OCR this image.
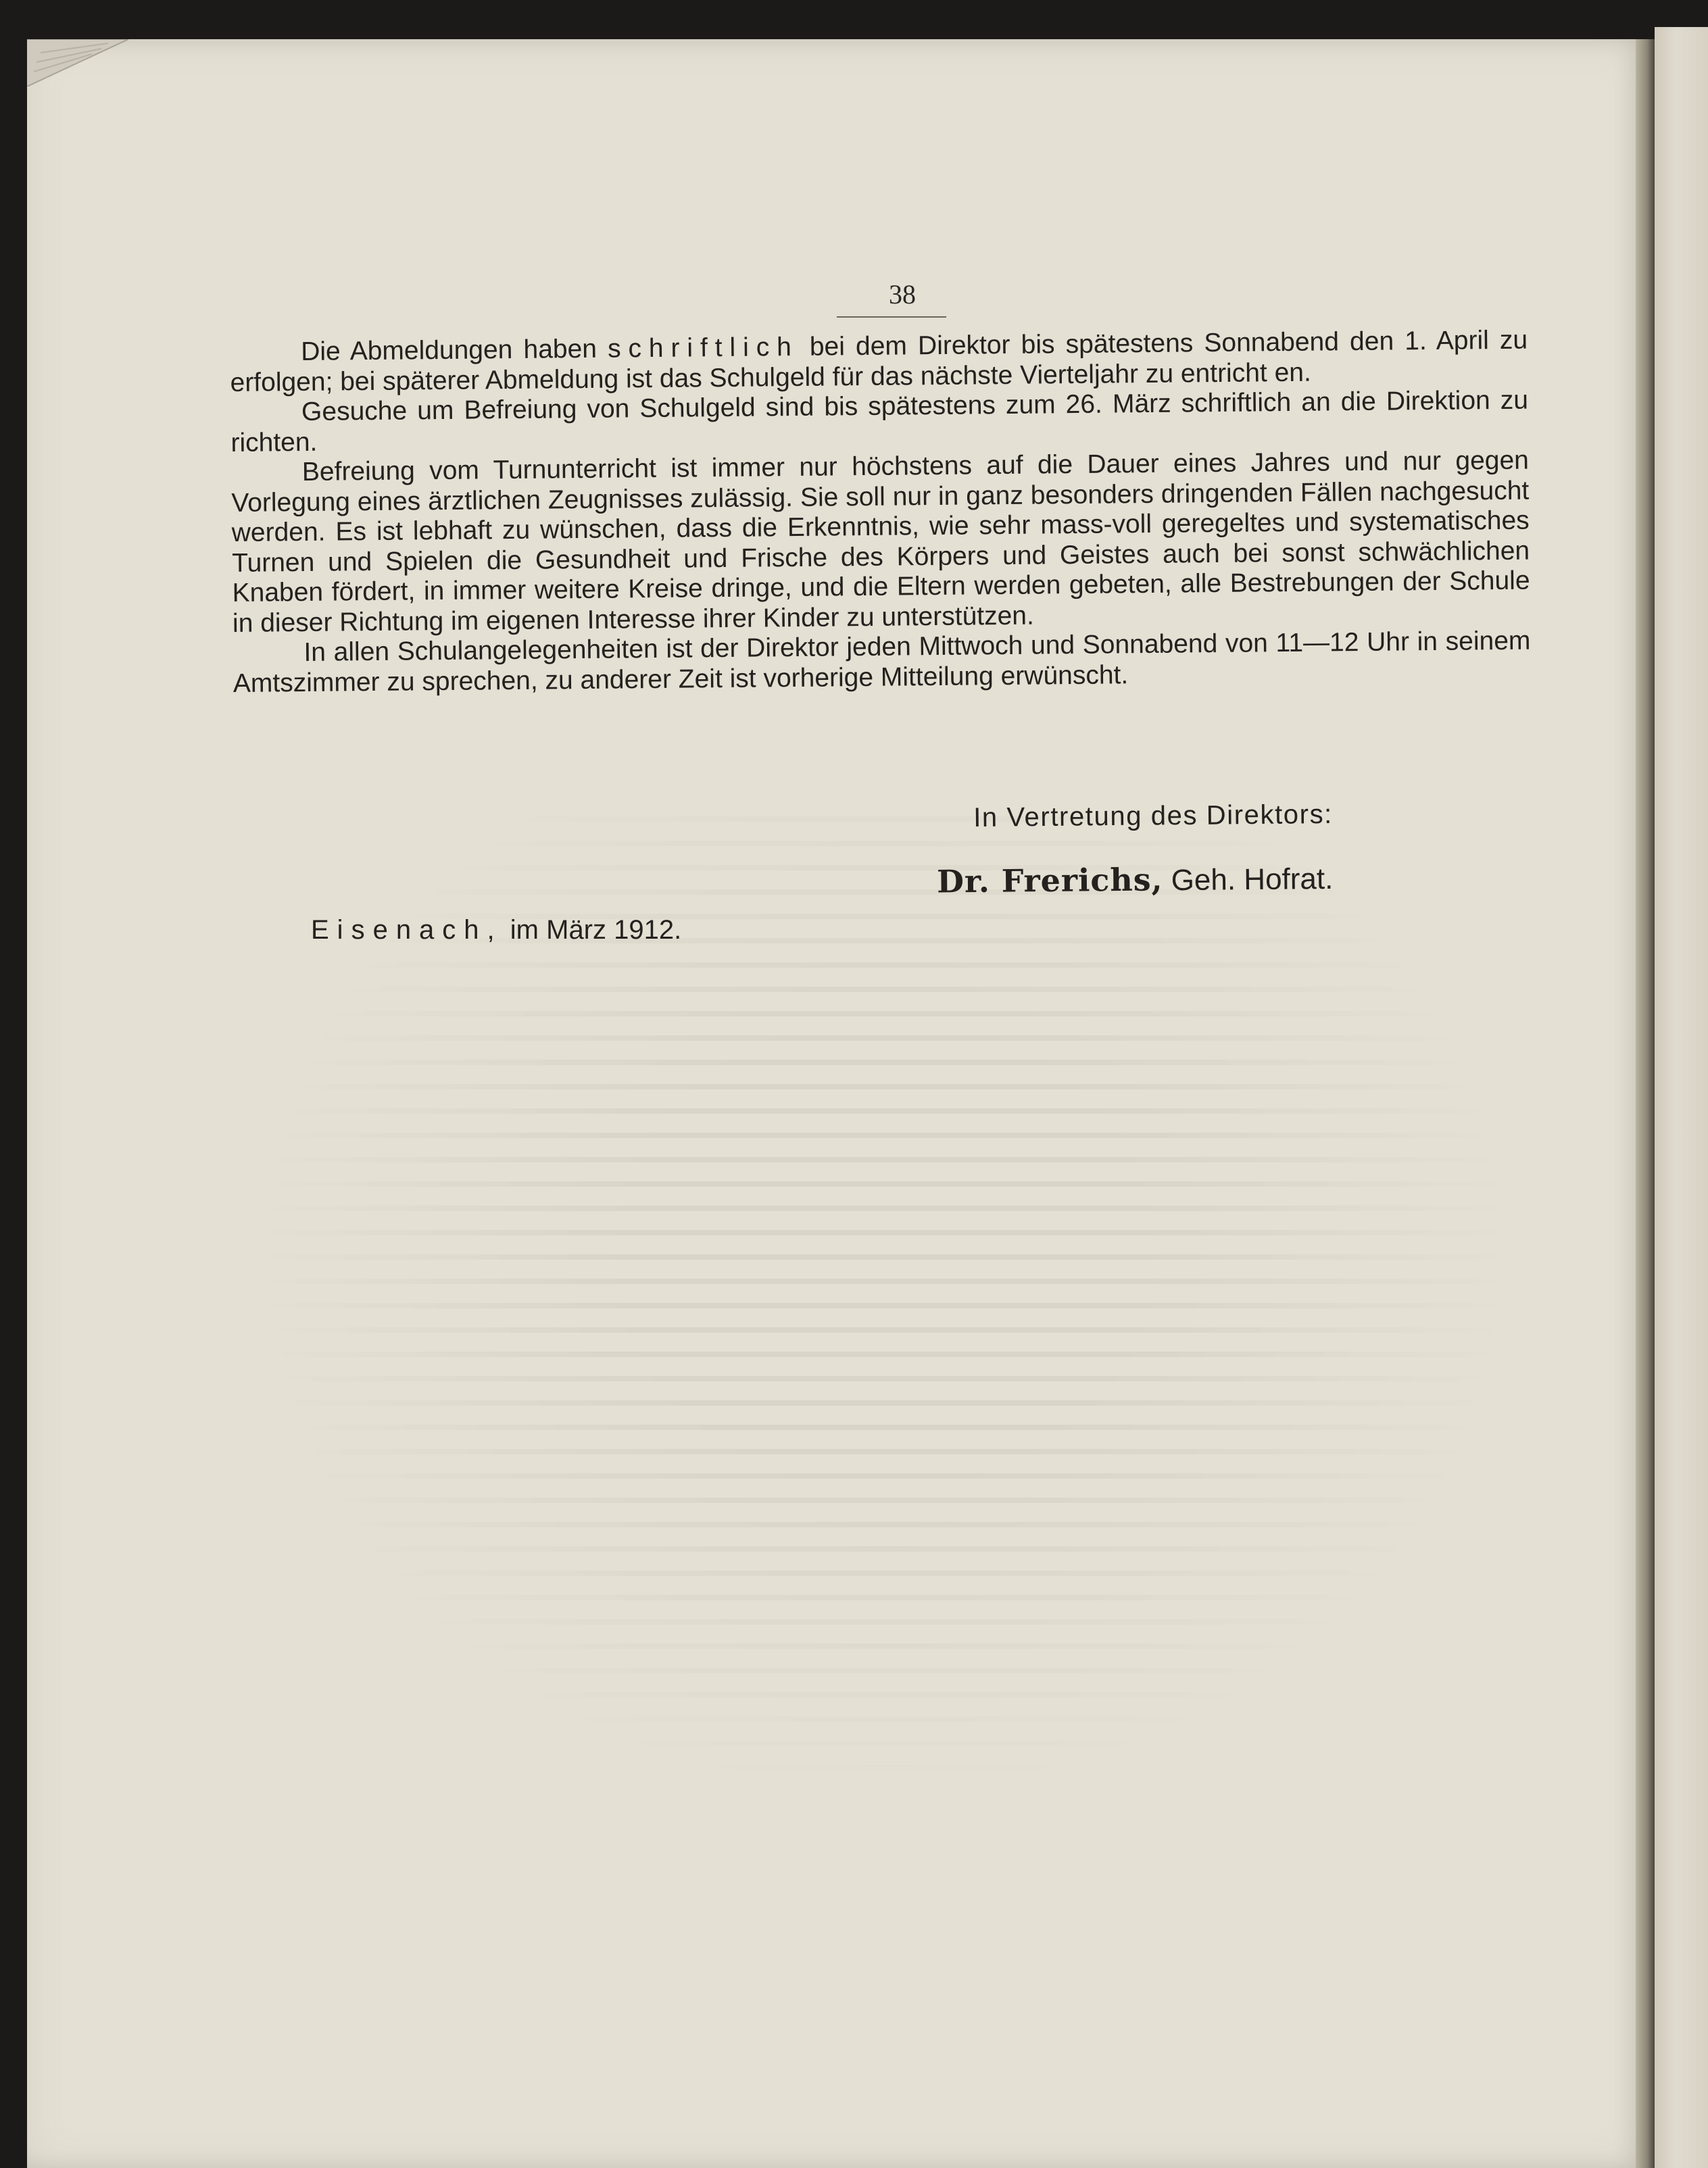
38

Die Abmeldungen haben schriftlich bei dem Direktor bis spätestens Sonnabend den 1. April zu erfolgen; bei späterer Abmeldung ist das Schulgeld für das nächste Vierteljahr zu entricht en.

Gesuche um Befreiung von Schulgeld sind bis spätestens zum 26. März schriftlich an die Direktion zu richten.

Befreiung vom Turnunterricht ist immer nur höchstens auf die Dauer eines Jahres und nur gegen Vorlegung eines ärztlichen Zeugnisses zulässig. Sie soll nur in ganz besonders dringenden Fällen nachgesucht werden. Es ist lebhaft zu wünschen, dass die Erkenntnis, wie sehr mass-voll geregeltes und systematisches Turnen und Spielen die Gesundheit und Frische des Körpers und Geistes auch bei sonst schwächlichen Knaben fördert, in immer weitere Kreise dringe, und die Eltern werden gebeten, alle Bestrebungen der Schule in dieser Richtung im eigenen Interesse ihrer Kinder zu unterstützen.

In allen Schulangelegenheiten ist der Direktor jeden Mittwoch und Sonnabend von 11—12 Uhr in seinem Amtszimmer zu sprechen, zu anderer Zeit ist vorherige Mitteilung erwünscht.

In Vertretung des Direktors:
Dr. Frerichs, Geh. Hofrat.
Eisenach, im März 1912.
